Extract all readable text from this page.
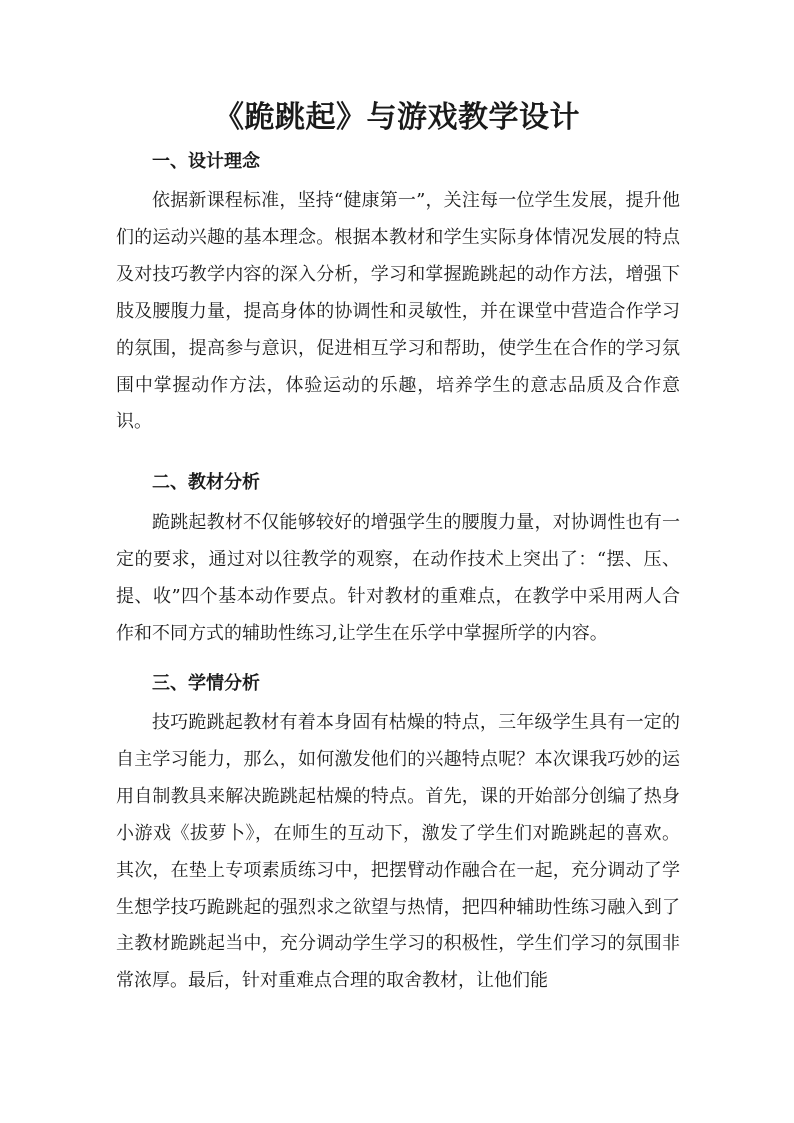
《跪跳起》与游戏教学设计
一、设计理念

依据新课程标准，坚持“健康第一”，关注每一位学生发展，提升他们的运动兴趣的基本理念。根据本教材和学生实际身体情况发展的特点及对技巧教学内容的深入分析，学习和掌握跪跳起的动作方法，增强下肢及腰腹力量，提高身体的协调性和灵敏性，并在课堂中营造合作学习的氛围，提高参与意识，促进相互学习和帮助，使学生在合作的学习氛围中掌握动作方法，体验运动的乐趣，培养学生的意志品质及合作意识。

二、教材分析

跪跳起教材不仅能够较好的增强学生的腰腹力量，对协调性也有一定的要求，通过对以往教学的观察，在动作技术上突出了：“摆、压、提、收”四个基本动作要点。针对教材的重难点，在教学中采用两人合作和不同方式的辅助性练习,让学生在乐学中掌握所学的内容。

三、学情分析

技巧跪跳起教材有着本身固有枯燥的特点，三年级学生具有一定的自主学习能力，那么，如何激发他们的兴趣特点呢？本次课我巧妙的运用自制教具来解决跪跳起枯燥的特点。首先，课的开始部分创编了热身小游戏《拔萝卜》，在师生的互动下，激发了学生们对跪跳起的喜欢。其次，在垫上专项素质练习中，把摆臂动作融合在一起，充分调动了学生想学技巧跪跳起的强烈求之欲望与热情，把四种辅助性练习融入到了主教材跪跳起当中，充分调动学生学习的积极性，学生们学习的氛围非常浓厚。最后，针对重难点合理的取舍教材，让他们能
